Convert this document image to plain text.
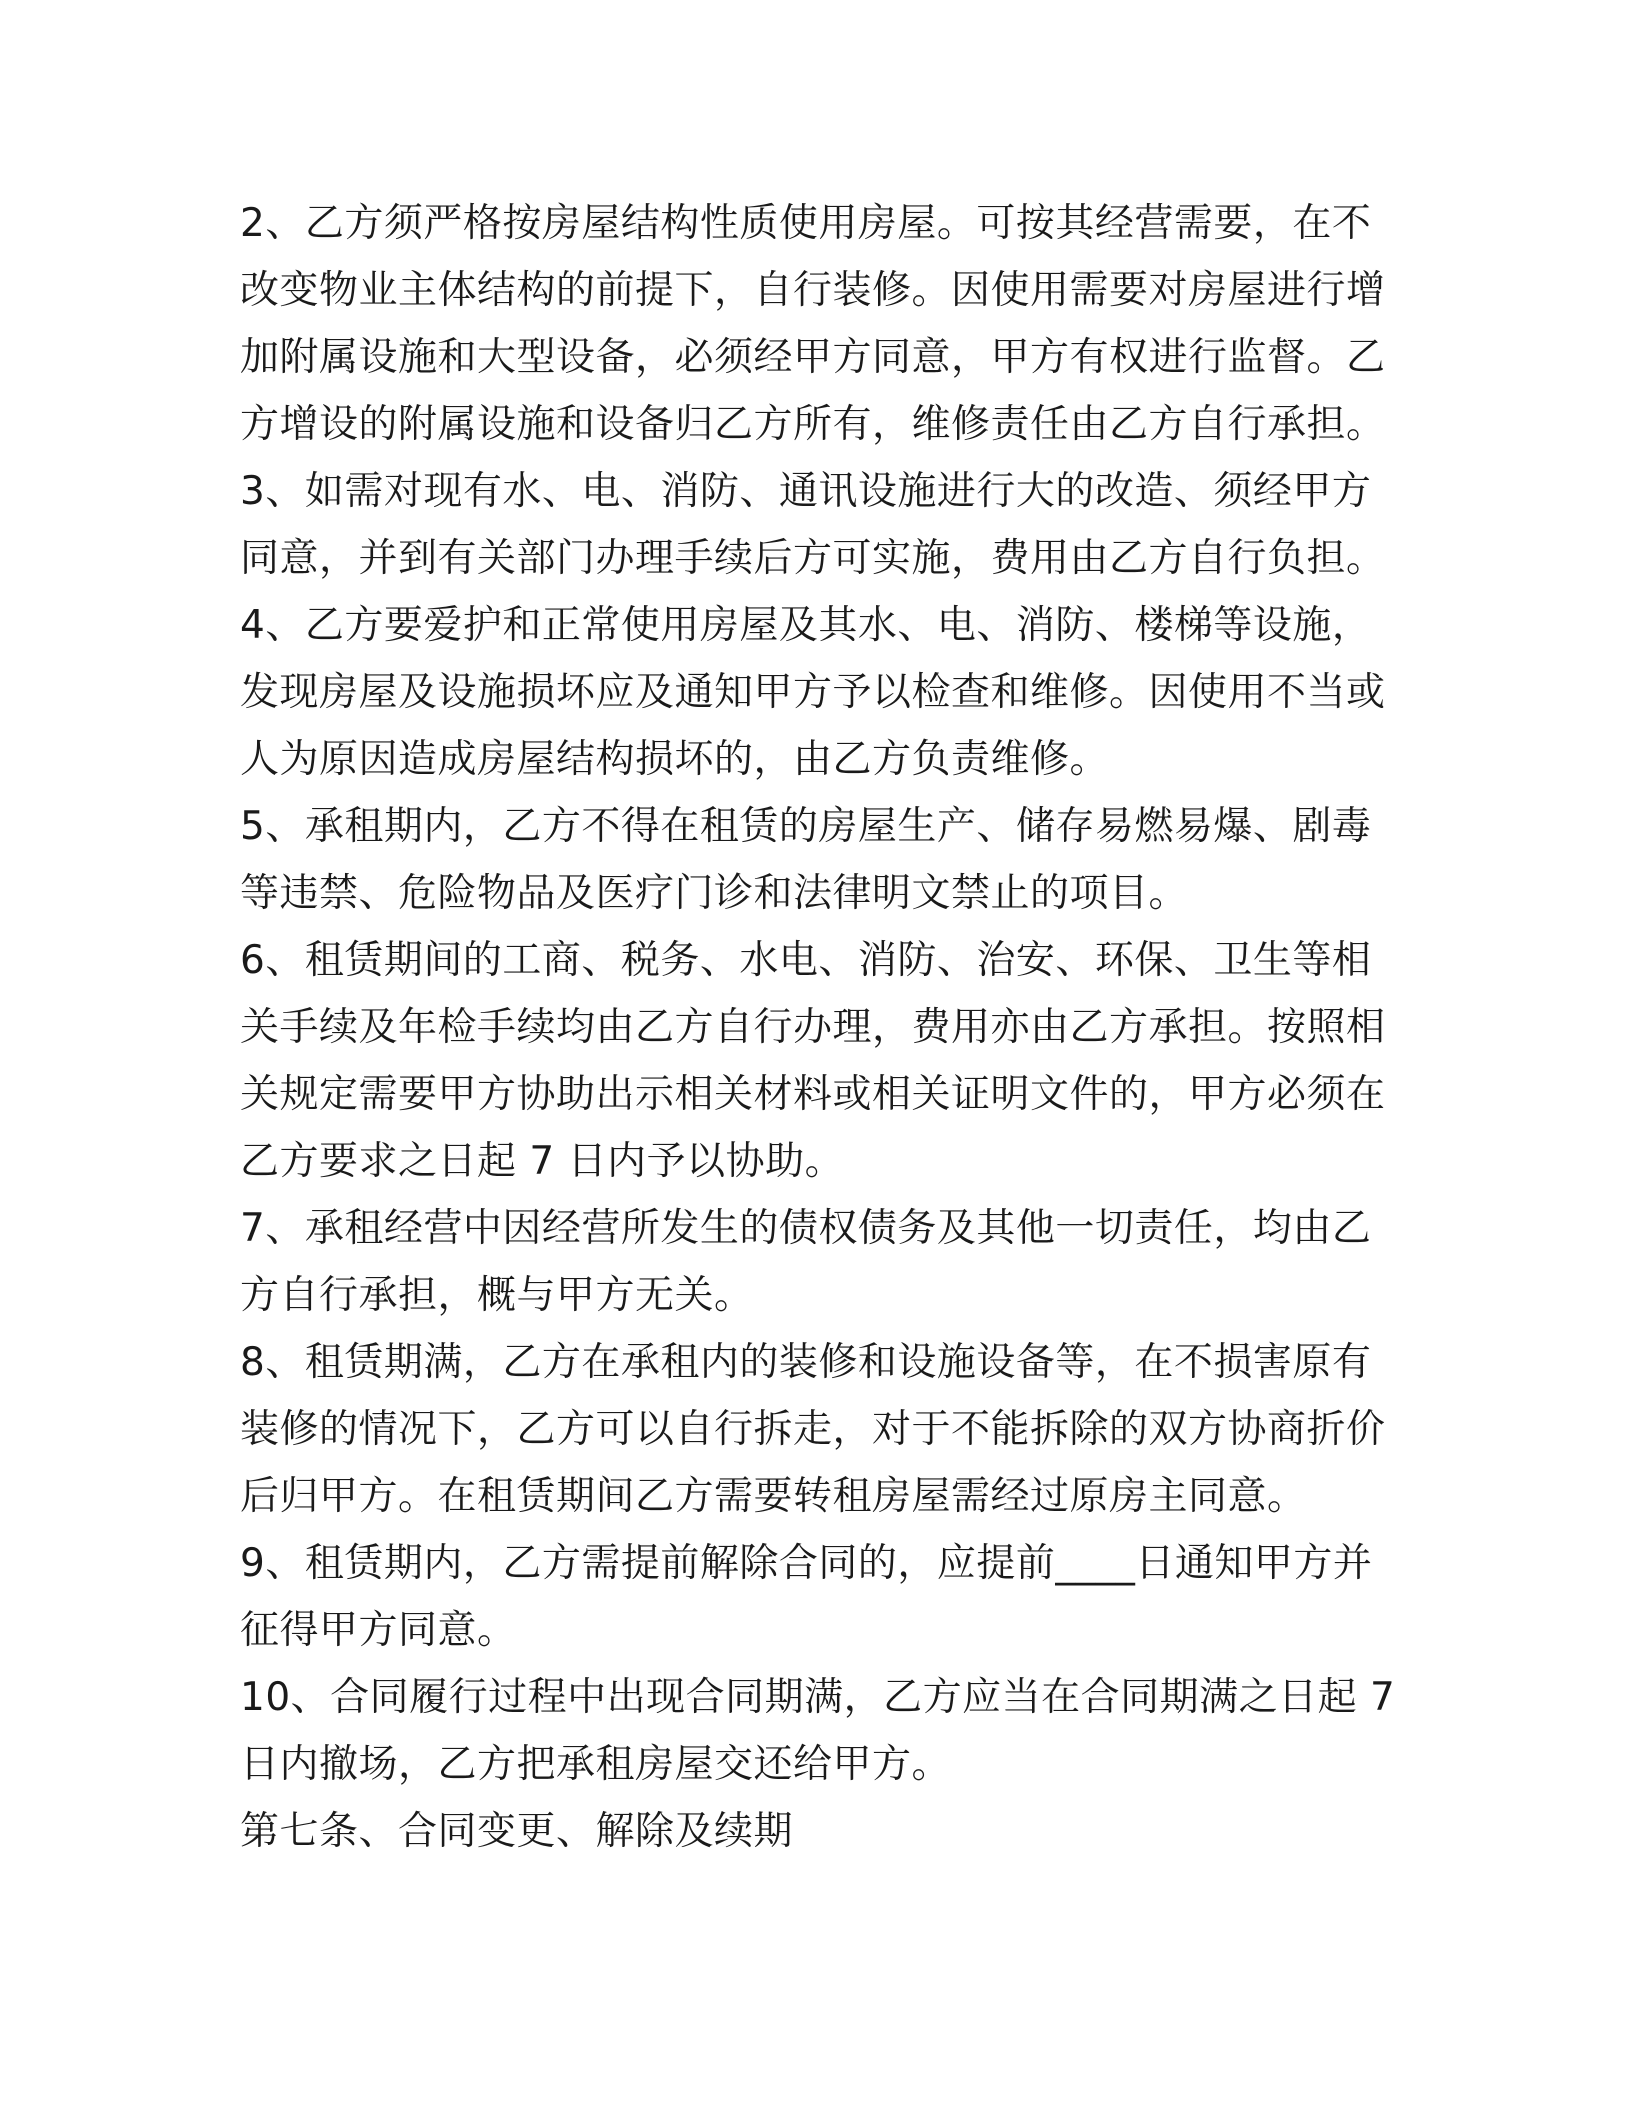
2、乙方须严格按房屋结构性质使用房屋。可按其经营需要，在不改变物业主体结构的前提下，自行装修。因使用需要对房屋进行增加附属设施和大型设备，必须经甲方同意，甲方有权进行监督。乙方增设的附属设施和设备归乙方所有，维修责任由乙方自行承担。

3、如需对现有水、电、消防、通讯设施进行大的改造、须经甲方同意，并到有关部门办理手续后方可实施，费用由乙方自行负担。

4、乙方要爱护和正常使用房屋及其水、电、消防、楼梯等设施，发现房屋及设施损坏应及通知甲方予以检查和维修。因使用不当或人为原因造成房屋结构损坏的，由乙方负责维修。

5、承租期内，乙方不得在租赁的房屋生产、储存易燃易爆、剧毒等违禁、危险物品及医疗门诊和法律明文禁止的项目。

6、租赁期间的工商、税务、水电、消防、治安、环保、卫生等相关手续及年检手续均由乙方自行办理，费用亦由乙方承担。按照相关规定需要甲方协助出示相关材料或相关证明文件的，甲方必须在乙方要求之日起 7 日内予以协助。

7、承租经营中因经营所发生的债权债务及其他一切责任，均由乙方自行承担，概与甲方无关。

8、租赁期满，乙方在承租内的装修和设施设备等，在不损害原有装修的情况下，乙方可以自行拆走，对于不能拆除的双方协商折价后归甲方。在租赁期间乙方需要转租房屋需经过原房主同意。

9、租赁期内，乙方需提前解除合同的，应提前____日通知甲方并征得甲方同意。

10、合同履行过程中出现合同期满，乙方应当在合同期满之日起 7 日内撤场，乙方把承租房屋交还给甲方。

第七条、合同变更、解除及续期
